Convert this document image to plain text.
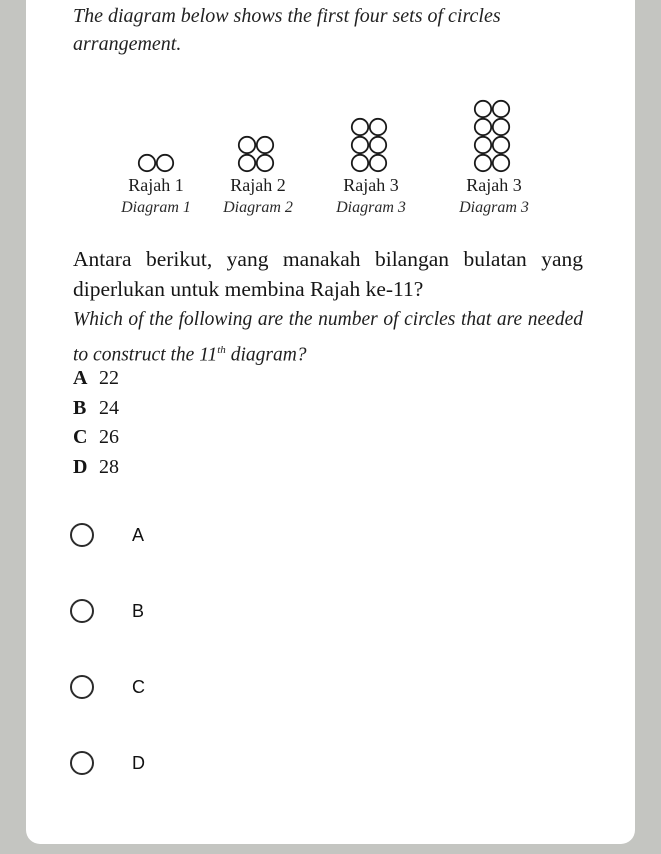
The diagram below shows the first four sets of circles arrangement.
Rajah 1
Diagram 1
Rajah 2
Diagram 2
Rajah 3
Diagram 3
Rajah 3
Diagram 3
Antara berikut, yang manakah bilangan bulatan yang diperlukan untuk membina Rajah ke-11?
Which of the following are the number of circles that are needed to construct the 11th diagram?
A 22
B 24
C 26
D 28
A
B
C
D
